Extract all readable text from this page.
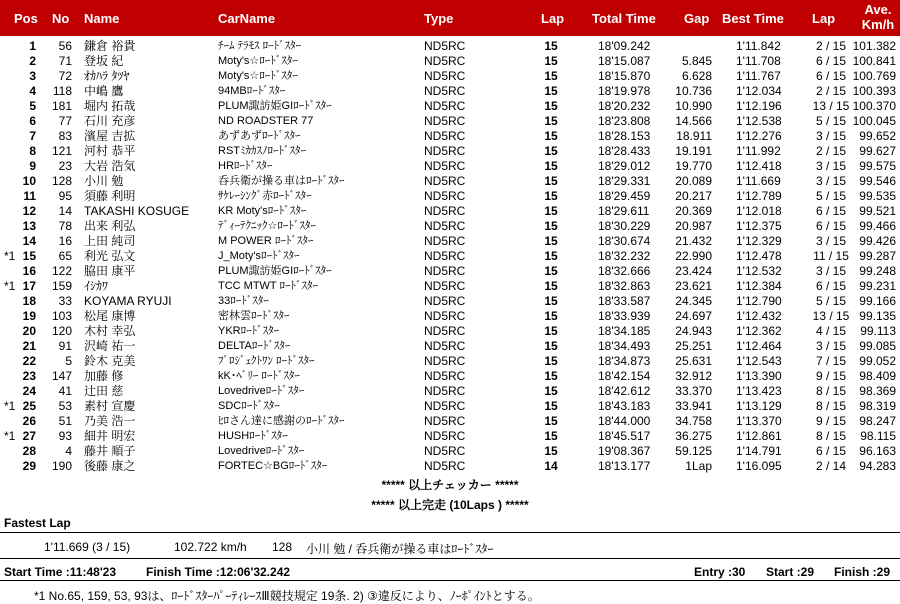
Pos No Name	CarName	Type	Lap Total Time Gap Best Time Lap
Ave.
Km/h
1	56 鎌倉 裕貴	ﾁｰﾑ ﾃﾗﾓｽ ﾛｰﾄﾞｽﾀｰ	ND5RC	15	18'09.242	1'11.842	2 / 15 101.382
2	71 登坂 紀	Moty's☆ﾛｰﾄﾞｽﾀｰ	ND5RC	15	18'15.087	5.845 1'11.708	6 / 15 100.841
3	72 ｵｶﾊﾗ ﾀﾂﾔ	Moty's☆ﾛｰﾄﾞｽﾀｰ	ND5RC	15	18'15.870	6.628 1'11.767	6 / 15 100.769
4	118 中嶋 鷹	94MBﾛｰﾄﾞｽﾀｰ	ND5RC	15	18'19.978	10.736 1'12.034	2 / 15 100.393
5	181 堀内 拓哉	PLUM諏訪姫GIﾛｰﾄﾞｽﾀｰ	ND5RC	15	18'20.232	10.990 1'12.196	13 / 15 100.370
6	77 石川 充彦	ND ROADSTER 77	ND5RC	15	18'23.808	14.566 1'12.538	5 / 15 100.045
7	83 濱屋 吉拡	あずあずﾛｰﾄﾞｽﾀｰ	ND5RC	15	18'28.153	18.911 1'12.276	3 / 15	99.652
8	121 河村 恭平	RSTﾐｶｶｽﾉﾛｰﾄﾞｽﾀｰ	ND5RC	15	18'28.433	19.191 1'11.992	2 / 15	99.627
9	23 大岩 浩気	HRﾛｰﾄﾞｽﾀｰ	ND5RC	15	18'29.012	19.770 1'12.418	3 / 15	99.575
10	128 小川 勉	呑兵衛が操る車はﾛｰﾄﾞｽﾀｰ	ND5RC	15	18'29.331	20.089 1'11.669	3 / 15	99.546
11	95 須藤 利明	ｻｹﾚｰｼﾝｸﾞ赤ﾛｰﾄﾞｽﾀｰ	ND5RC	15	18'29.459	20.217 1'12.789	5 / 15	99.535
12	14 TAKASHI KOSUGE	KR Moty'sﾛｰﾄﾞｽﾀｰ	ND5RC	15	18'29.611	20.369 1'12.018	6 / 15	99.521
13	78 出来 利弘	ﾃﾞｨｰﾃｸﾆｯｸ☆ﾛｰﾄﾞｽﾀｰ	ND5RC	15	18'30.229	20.987 1'12.375	6 / 15	99.466
14	16 上田 純司	M POWER ﾛｰﾄﾞｽﾀｰ	ND5RC	15	18'30.674	21.432 1'12.329	3 / 15	99.426
*1 15	65 利光 弘文	J_Moty'sﾛｰﾄﾞｽﾀｰ	ND5RC	15	18'32.232	22.990 1'12.478	11 / 15 99.287
16	122 脇田 康平	PLUM諏訪姫GIﾛｰﾄﾞｽﾀｰ	ND5RC	15	18'32.666	23.424 1'12.532	3 / 15	99.248
*1 17	159 ｲｼｶﾜ	TCC MTWT ﾛｰﾄﾞｽﾀｰ	ND5RC	15	18'32.863	23.621 1'12.384	6 / 15	99.231
18	33 KOYAMA RYUJI	33ﾛｰﾄﾞｽﾀｰ	ND5RC	15	18'33.587	24.345 1'12.790	5 / 15	99.166
19	103 松尾 康博	密林雲ﾛｰﾄﾞｽﾀｰ	ND5RC	15	18'33.939	24.697 1'12.432	13 / 15 99.135
20	120 木村 幸弘	YKRﾛｰﾄﾞｽﾀｰ	ND5RC	15	18'34.185	24.943 1'12.362	4 / 15	99.113
21	91 沢崎 祐一	DELTAﾛｰﾄﾞｽﾀｰ	ND5RC	15	18'34.493	25.251 1'12.464	3 / 15	99.085
22	5 鈴木 克美	ﾌﾟﾛｼﾞｪｸﾄﾜﾝ ﾛｰﾄﾞｽﾀｰ	ND5RC	15	18'34.873	25.631 1'12.543	7 / 15	99.052
23	147 加藤 修	kK･ﾍﾞﾘｰ ﾛｰﾄﾞｽﾀｰ	ND5RC	15	18'42.154	32.912 1'13.390	9 / 15	98.409
24	41 辻田 慈	Lovedriveﾛｰﾄﾞｽﾀｰ	ND5RC	15	18'42.612	33.370 1'13.423	8 / 15	98.369
*1 25	53 素村 宣慶	SDCﾛｰﾄﾞｽﾀｰ	ND5RC	15	18'43.183	33.941 1'13.129	8 / 15	98.319
26	51 乃美 浩一	ﾋﾛさん達に感謝のﾛｰﾄﾞｽﾀｰ	ND5RC	15	18'44.000	34.758 1'13.370	9 / 15	98.247
*1 27	93 細井 明宏	HUSHﾛｰﾄﾞｽﾀｰ	ND5RC	15	18'45.517	36.275 1'12.861	8 / 15	98.115
28	4 藤井 順子	Lovedriveﾛｰﾄﾞｽﾀｰ	ND5RC	15	19'08.367	59.125 1'14.791	6 / 15	96.163
29	190 後藤 康之	FORTEC☆BGﾛｰﾄﾞｽﾀｰ	ND5RC	14	18'13.177	1Lap 1'16.095	2 / 14	94.283
***** 以上チェッカー *****
***** 以上完走 (10Laps ) *****
Fastest Lap
1'11.669 (3 / 15)	102.722 km/h 128 小川 勉 / 呑兵衛が操る車はﾛｰﾄﾞｽﾀｰ
Start Time :11:48'23 Finish Time :12:06'32.242	Entry :30 Start :29 Finish :29
*1 No.65, 159, 53, 93は、ﾛｰﾄﾞｽﾀｰﾊﾟｰﾃｨﾚｰｽⅢ競技規定 19条. 2) ③違反により、ﾉｰﾎﾟｲﾝﾄとする。
